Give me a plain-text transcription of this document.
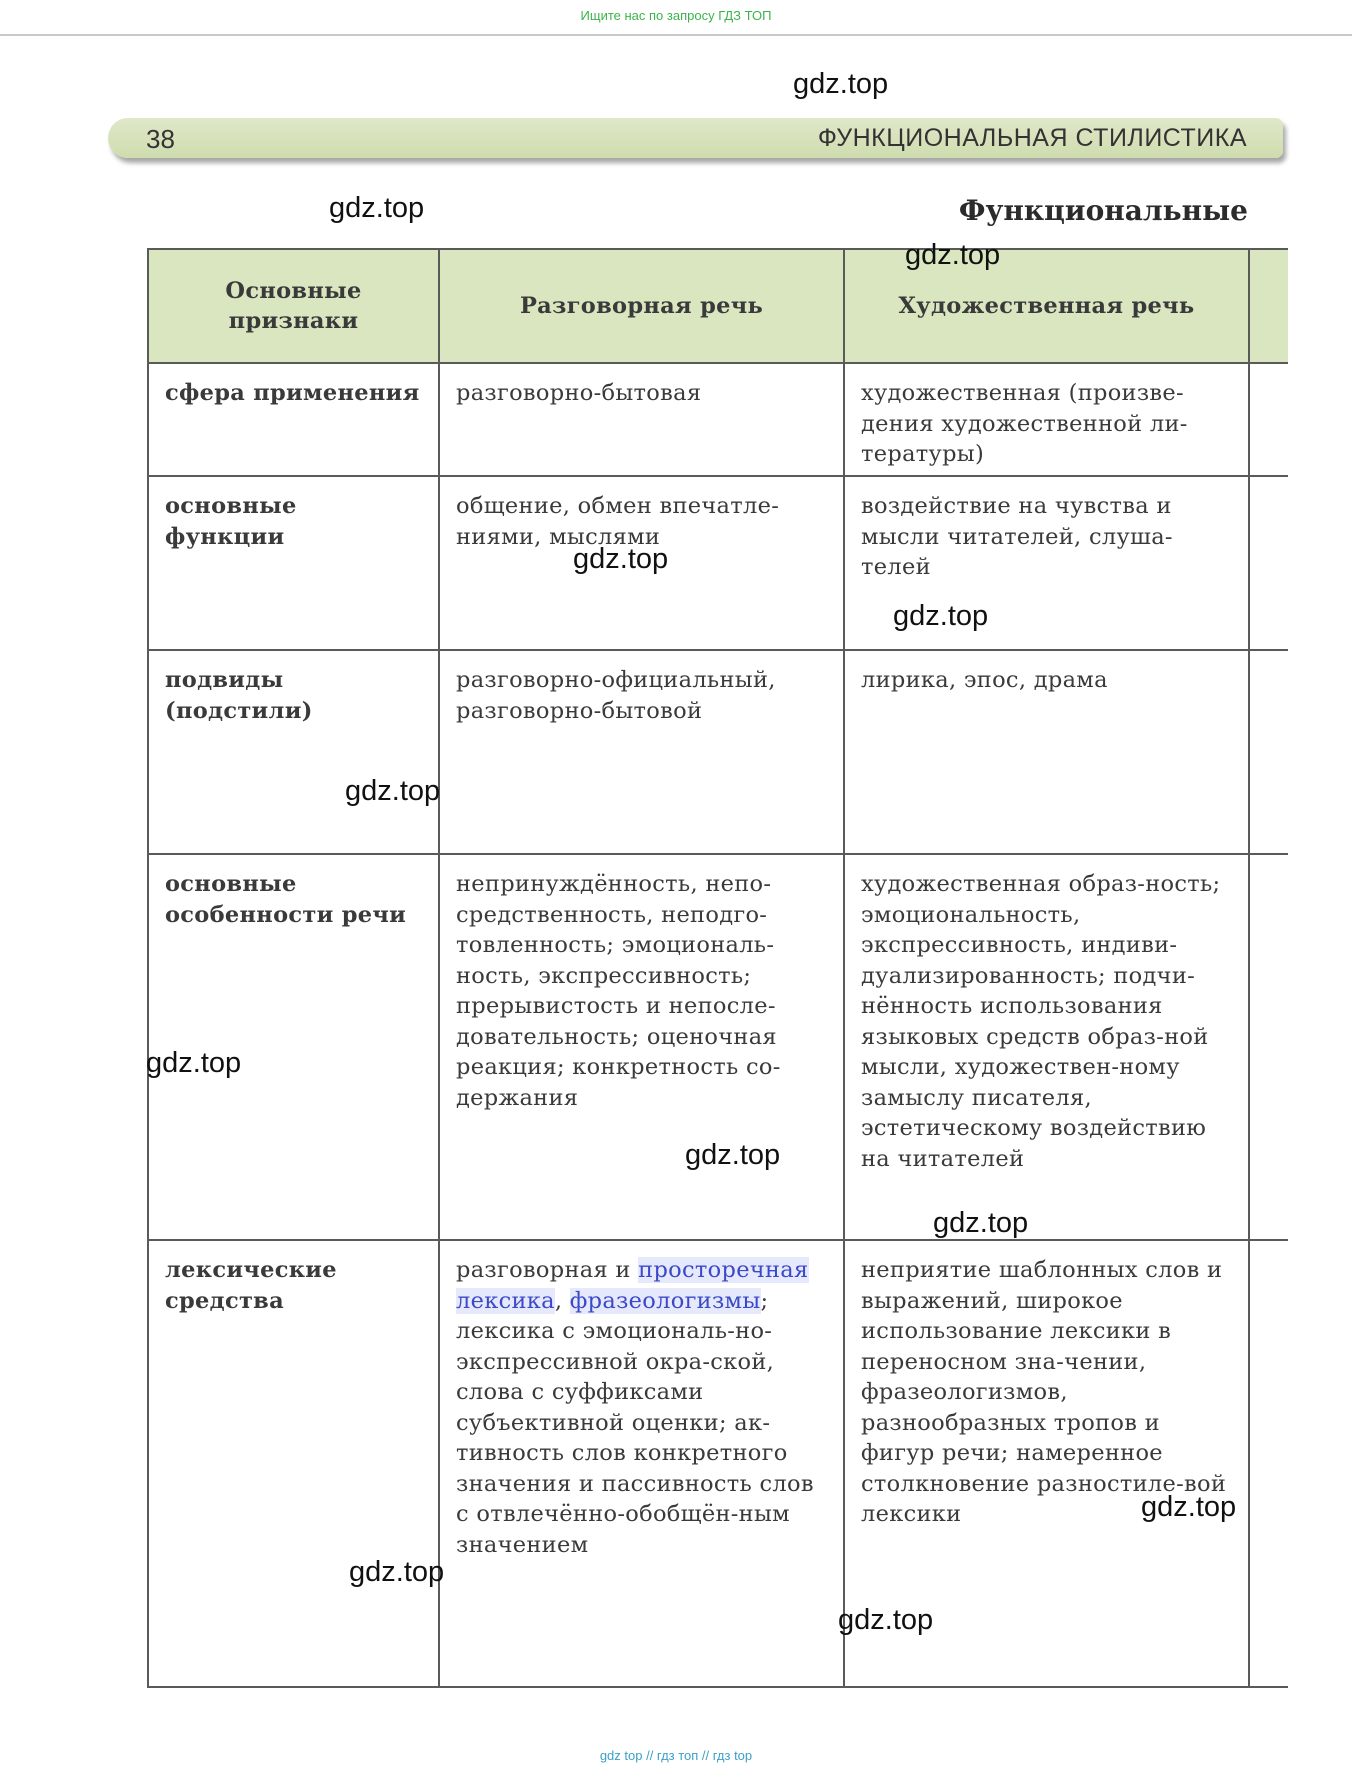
Ищите нас по запросу ГДЗ ТОП
38	ФУНКЦИОНАЛЬНАЯ СТИЛИСТИКА
Функциональные
Основные признаки	Разговорная речь	Художественная речь	
сфера применения	разговорно-бытовая	художественная (произве-дения художественной ли-тературы)	
основные функции	общение, обмен впечатле-ниями, мыслями	воздействие на чувства и мысли читателей, слуша-телей	
подвиды (подстили)	разговорно-официальный, разговорно-бытовой	лирика, эпос, драма	
основные особенности речи	непринуждённость, непо-средственность, неподго-товленность; эмоциональ-ность, экспрессивность; прерывистость и непосле-довательность; оценочная реакция; конкретность со-держания	художественная образ-ность; эмоциональность, экспрессивность, индиви-дуализированность; подчи-нённость использования языковых средств образ-ной мысли, художествен-ному замыслу писателя, эстетическому воздействию на читателей	
лексические средства	разговорная и просторечная лексика, фразеологизмы; лексика с эмоциональ-но-экспрессивной окра-ской, слова с суффиксами субъективной оценки; ак-тивность слов конкретного значения и пассивность слов с отвлечённо-обобщён-ным значением	неприятие шаблонных слов и выражений, широкое использование лексики в переносном зна-чении, фразеологизмов, разнообразных тропов и фигур речи; намеренное столкновение разностиле-вой лексики	
gdz.top
gdz.top
gdz.top
gdz.top
gdz.top
gdz.top
gdz.top
gdz.top
gdz.top
gdz.top
gdz.top
gdz.top
gdz top // гдз топ // гдз top
